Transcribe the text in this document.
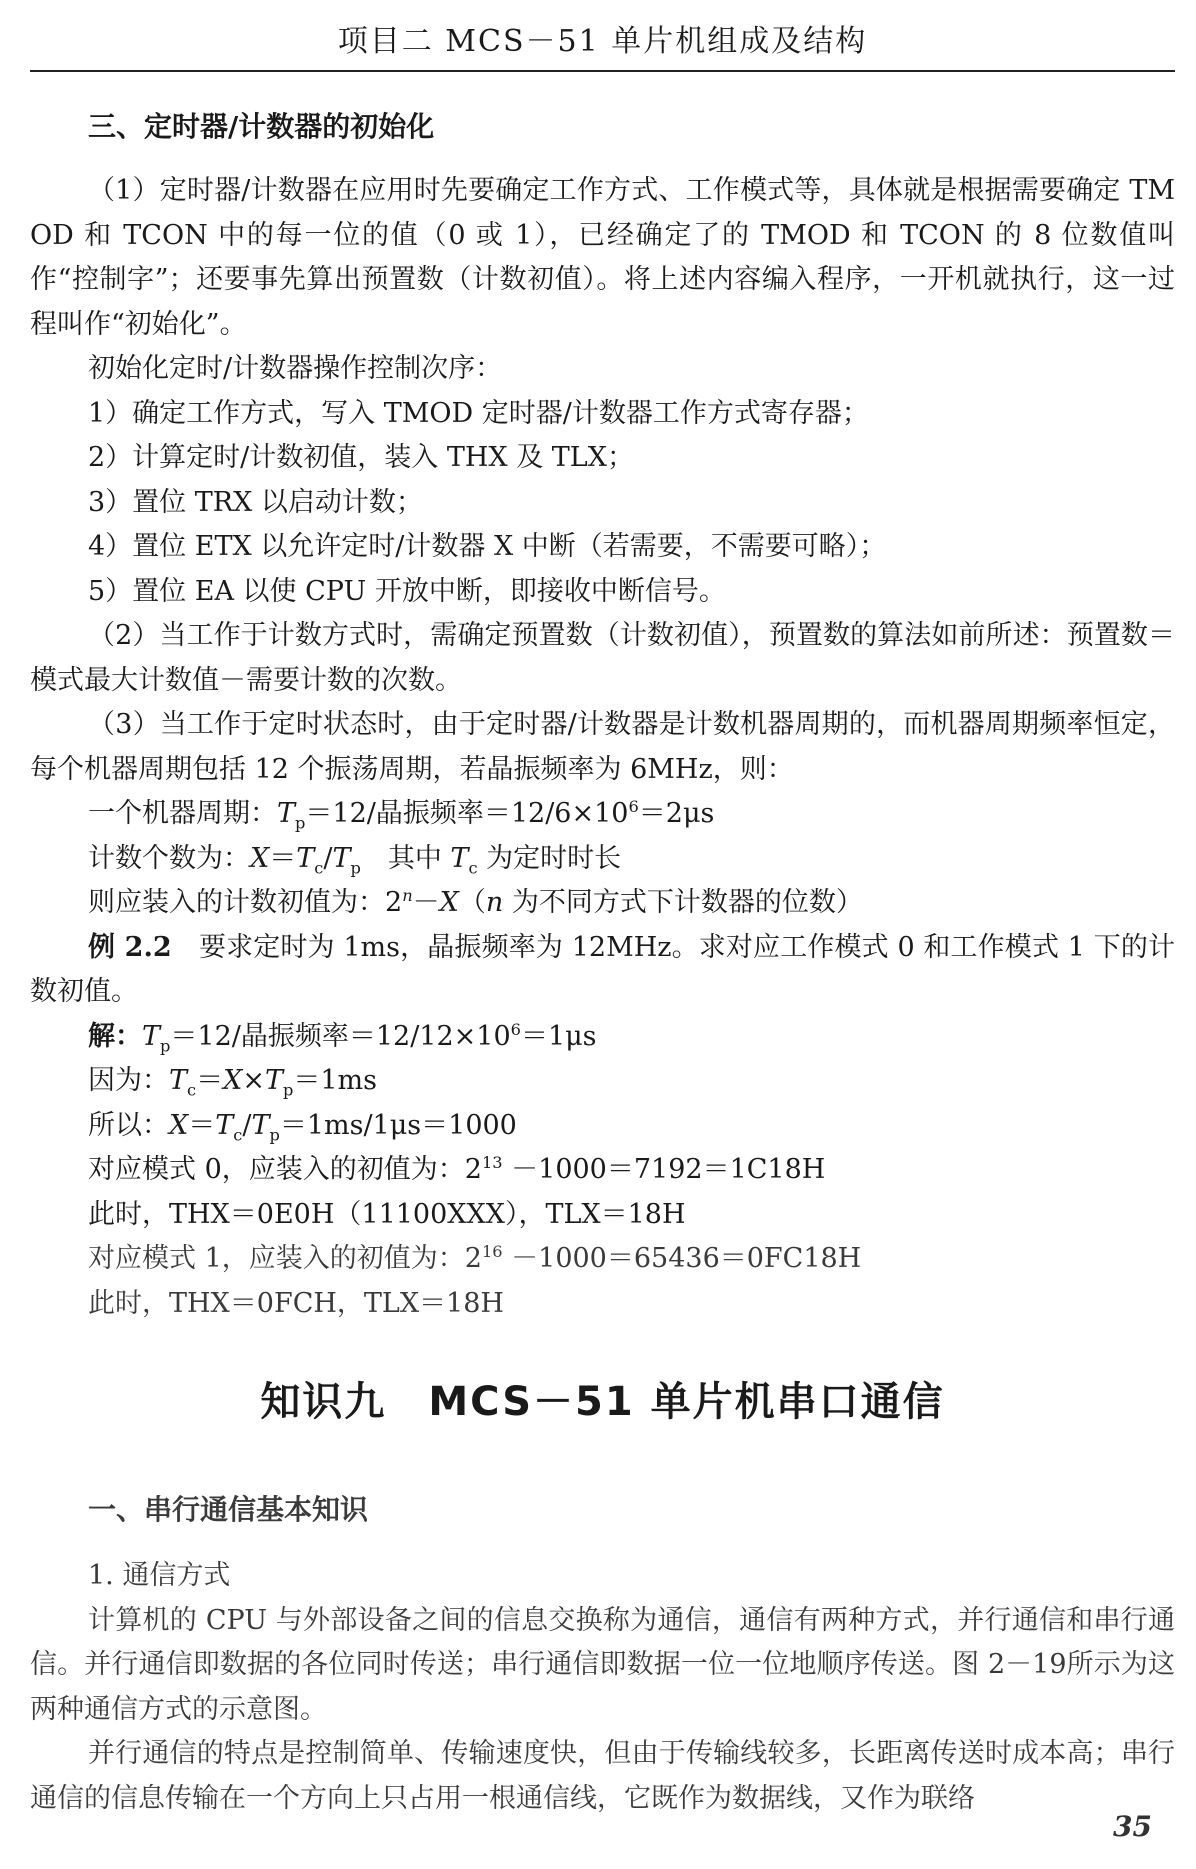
项目二 MCS－51 单片机组成及结构
三、定时器/计数器的初始化

（1）定时器/计数器在应用时先要确定工作方式、工作模式等，具体就是根据需要确定 TMOD 和 TCON 中的每一位的值（0 或 1），已经确定了的 TMOD 和 TCON 的 8 位数值叫作“控制字”；还要事先算出预置数（计数初值）。将上述内容编入程序，一开机就执行，这一过程叫作“初始化”。

初始化定时/计数器操作控制次序：

1）确定工作方式，写入 TMOD 定时器/计数器工作方式寄存器；

2）计算定时/计数初值，装入 THX 及 TLX；

3）置位 TRX 以启动计数；

4）置位 ETX 以允许定时/计数器 X 中断（若需要，不需要可略）；

5）置位 EA 以使 CPU 开放中断，即接收中断信号。

（2）当工作于计数方式时，需确定预置数（计数初值），预置数的算法如前所述：预置数＝模式最大计数值－需要计数的次数。

（3）当工作于定时状态时，由于定时器/计数器是计数机器周期的，而机器周期频率恒定，每个机器周期包括 12 个振荡周期，若晶振频率为 6MHz，则：

一个机器周期：$T_p=12/$晶振频率$=12/6\times 10^6=2\mu s$

计数个数为：$X=T_c/T_p$　其中 $T_c$ 为定时时长

则应装入的计数初值为：$2^n-X(n$ 为不同方式下计数器的位数）

例 2.2　要求定时为 1ms，晶振频率为 12MHz。求对应工作模式 0 和工作模式 1 下的计数初值。

解：$T_p=12/$晶振频率$=12/12\times 10^6=1\mu s$

因为：$T_c=X\times T_p=1ms$

所以：$X=T_c/T_p=1ms/1\mu s=1000$

对应模式 0，应装入的初值为：$2^{13} -1000=7192=1C18H$

此时，THX＝0E0H（11100XXX），TLX＝18H

对应模式 1，应装入的初值为：$2^{16} -1000=65436=0FC18H$

此时，THX＝0FCH，TLX＝18H

知识九　MCS－51 单片机串口通信
一、串行通信基本知识

1. 通信方式

计算机的 CPU 与外部设备之间的信息交换称为通信，通信有两种方式，并行通信和串行通信。并行通信即数据的各位同时传送；串行通信即数据一位一位地顺序传送。图 2－19所示为这两种通信方式的示意图。

并行通信的特点是控制简单、传输速度快，但由于传输线较多，长距离传送时成本高；串行通信的信息传输在一个方向上只占用一根通信线，它既作为数据线，又作为联络

35
